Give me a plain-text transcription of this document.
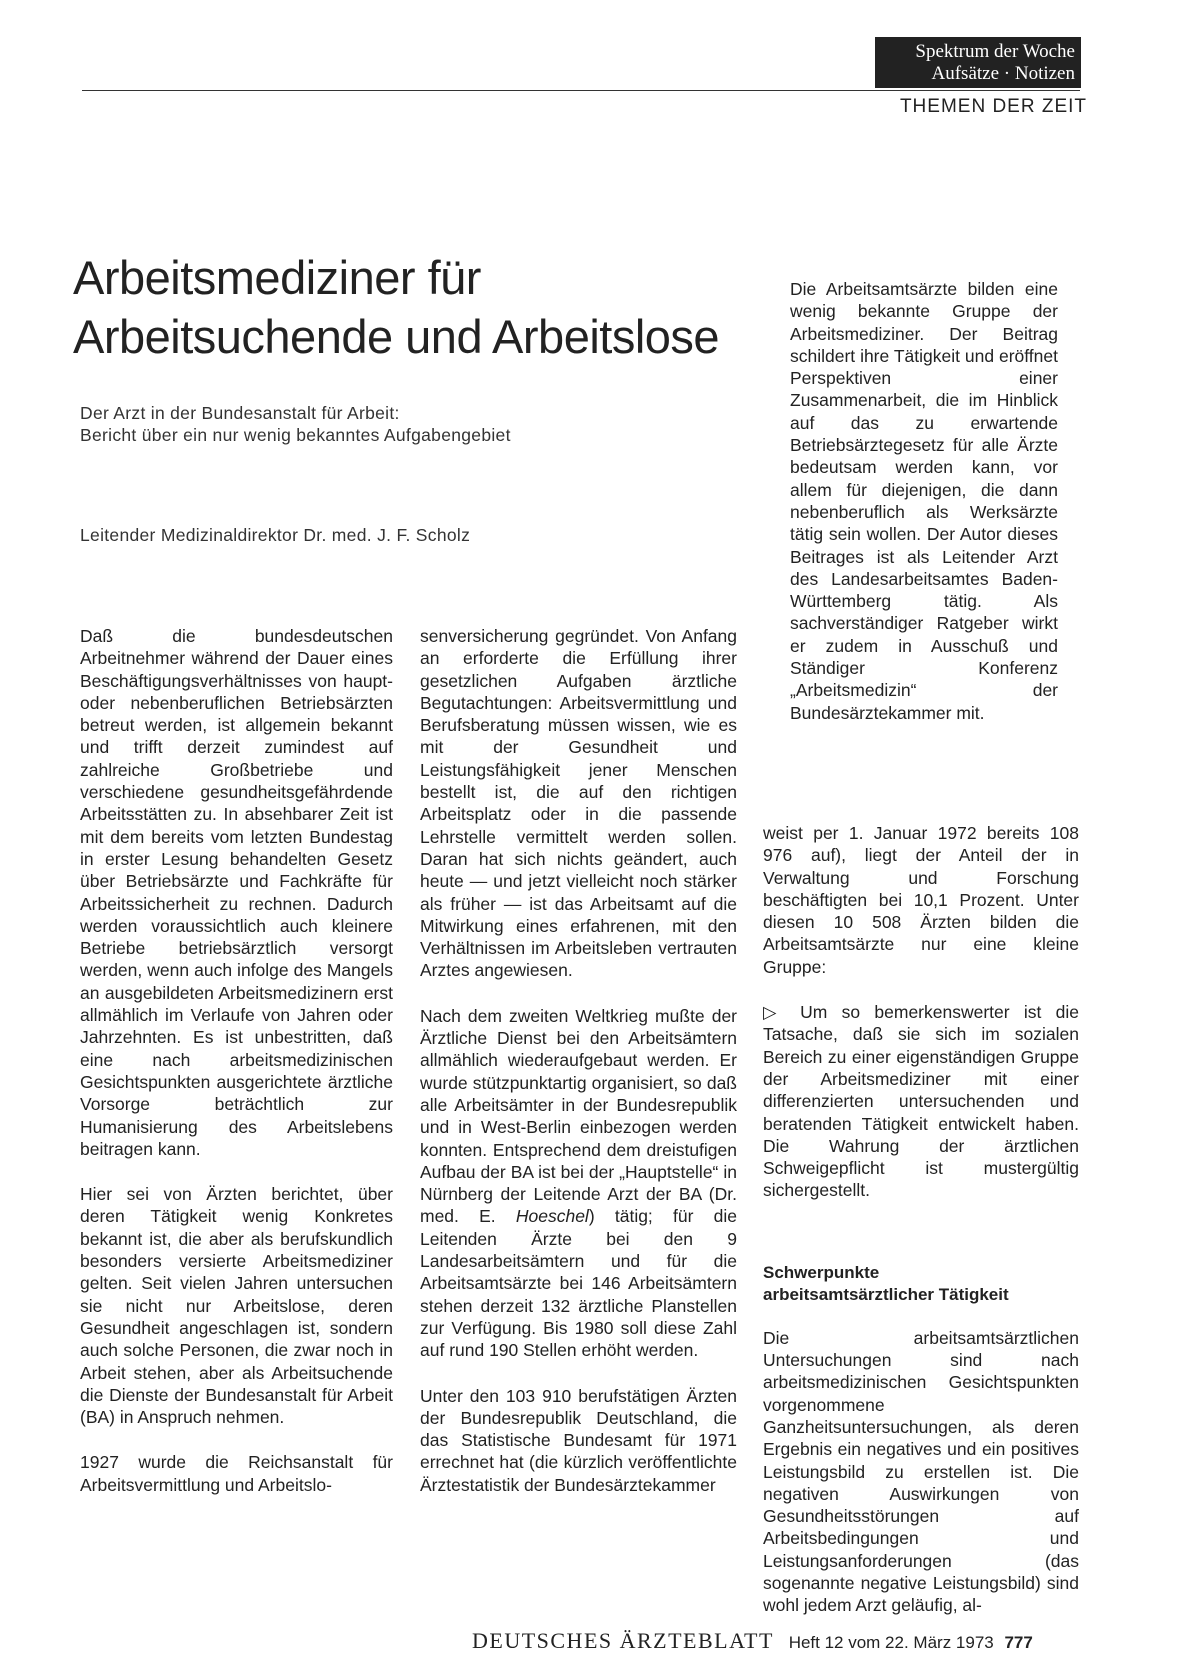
Spektrum der Woche
Aufsätze · Notizen
THEMEN DER ZEIT
Arbeitsmediziner für
Arbeitsuchende und Arbeitslose
Der Arzt in der Bundesanstalt für Arbeit:
Bericht über ein nur wenig bekanntes Aufgabengebiet
Leitender Medizinaldirektor Dr. med. J. F. Scholz

Daß die bundesdeutschen Arbeitnehmer während der Dauer eines Beschäftigungsverhältnisses von haupt- oder nebenberuflichen Betriebsärzten betreut werden, ist allgemein bekannt und trifft derzeit zumindest auf zahlreiche Großbetriebe und verschiedene gesundheitsgefährdende Arbeitsstätten zu. In absehbarer Zeit ist mit dem bereits vom letzten Bundestag in erster Lesung behandelten Gesetz über Betriebsärzte und Fachkräfte für Arbeitssicherheit zu rechnen. Dadurch werden voraussichtlich auch kleinere Betriebe betriebsärztlich versorgt werden, wenn auch infolge des Mangels an ausgebildeten Arbeitsmedizinern erst allmählich im Verlaufe von Jahren oder Jahrzehnten. Es ist unbestritten, daß eine nach arbeitsmedizinischen Gesichtspunkten ausgerichtete ärztliche Vorsorge beträchtlich zur Humanisierung des Arbeitslebens beitragen kann.

Hier sei von Ärzten berichtet, über deren Tätigkeit wenig Konkretes bekannt ist, die aber als berufskundlich besonders versierte Arbeitsmediziner gelten. Seit vielen Jahren untersuchen sie nicht nur Arbeitslose, deren Gesundheit angeschlagen ist, sondern auch solche Personen, die zwar noch in Arbeit stehen, aber als Arbeitsuchende die Dienste der Bundesanstalt für Arbeit (BA) in Anspruch nehmen.

1927 wurde die Reichsanstalt für Arbeitsvermittlung und Arbeitslo-

senversicherung gegründet. Von Anfang an erforderte die Erfüllung ihrer gesetzlichen Aufgaben ärztliche Begutachtungen: Arbeitsvermittlung und Berufsberatung müssen wissen, wie es mit der Gesundheit und Leistungsfähigkeit jener Menschen bestellt ist, die auf den richtigen Arbeitsplatz oder in die passende Lehrstelle vermittelt werden sollen. Daran hat sich nichts geändert, auch heute — und jetzt vielleicht noch stärker als früher — ist das Arbeitsamt auf die Mitwirkung eines erfahrenen, mit den Verhältnissen im Arbeitsleben vertrauten Arztes angewiesen.

Nach dem zweiten Weltkrieg mußte der Ärztliche Dienst bei den Arbeitsämtern allmählich wiederaufgebaut werden. Er wurde stützpunktartig organisiert, so daß alle Arbeitsämter in der Bundesrepublik und in West-Berlin einbezogen werden konnten. Entsprechend dem dreistufigen Aufbau der BA ist bei der „Hauptstelle“ in Nürnberg der Leitende Arzt der BA (Dr. med. E. Hoeschel) tätig; für die Leitenden Ärzte bei den 9 Landesarbeitsämtern und für die Arbeitsamtsärzte bei 146 Arbeitsämtern stehen derzeit 132 ärztliche Planstellen zur Verfügung. Bis 1980 soll diese Zahl auf rund 190 Stellen erhöht werden.

Unter den 103 910 berufstätigen Ärzten der Bundesrepublik Deutschland, die das Statistische Bundesamt für 1971 errechnet hat (die kürzlich veröffentlichte Ärztestatistik der Bundesärztekammer

Die Arbeitsamtsärzte bilden eine wenig bekannte Gruppe der Arbeitsmediziner. Der Beitrag schildert ihre Tätigkeit und eröffnet Perspektiven einer Zusammenarbeit, die im Hinblick auf das zu erwartende Betriebsärztegesetz für alle Ärzte bedeutsam werden kann, vor allem für diejenigen, die dann nebenberuflich als Werksärzte tätig sein wollen. Der Autor dieses Beitrages ist als Leitender Arzt des Landesarbeitsamtes Baden-Württemberg tätig. Als sachverständiger Ratgeber wirkt er zudem in Ausschuß und Ständiger Konferenz „Arbeitsmedizin“ der Bundesärztekammer mit.

weist per 1. Januar 1972 bereits 108 976 auf), liegt der Anteil der in Verwaltung und Forschung beschäftigten bei 10,1 Prozent. Unter diesen 10 508 Ärzten bilden die Arbeitsamtsärzte nur eine kleine Gruppe:

▷ Um so bemerkenswerter ist die Tatsache, daß sie sich im sozialen Bereich zu einer eigenständigen Gruppe der Arbeitsmediziner mit einer differenzierten untersuchenden und beratenden Tätigkeit entwickelt haben. Die Wahrung der ärztlichen Schweigepflicht ist mustergültig sichergestellt.

Schwerpunkte
arbeitsamtsärztlicher Tätigkeit

Die arbeitsamtsärztlichen Untersuchungen sind nach arbeitsmedizinischen Gesichtspunkten vorgenommene Ganzheitsuntersuchungen, als deren Ergebnis ein negatives und ein positives Leistungsbild zu erstellen ist. Die negativen Auswirkungen von Gesundheitsstörungen auf Arbeitsbedingungen und Leistungsanforderungen (das sogenannte negative Leistungsbild) sind wohl jedem Arzt geläufig, al-

DEUTSCHES ÄRZTEBLATT Heft 12 vom 22. März 1973 777
